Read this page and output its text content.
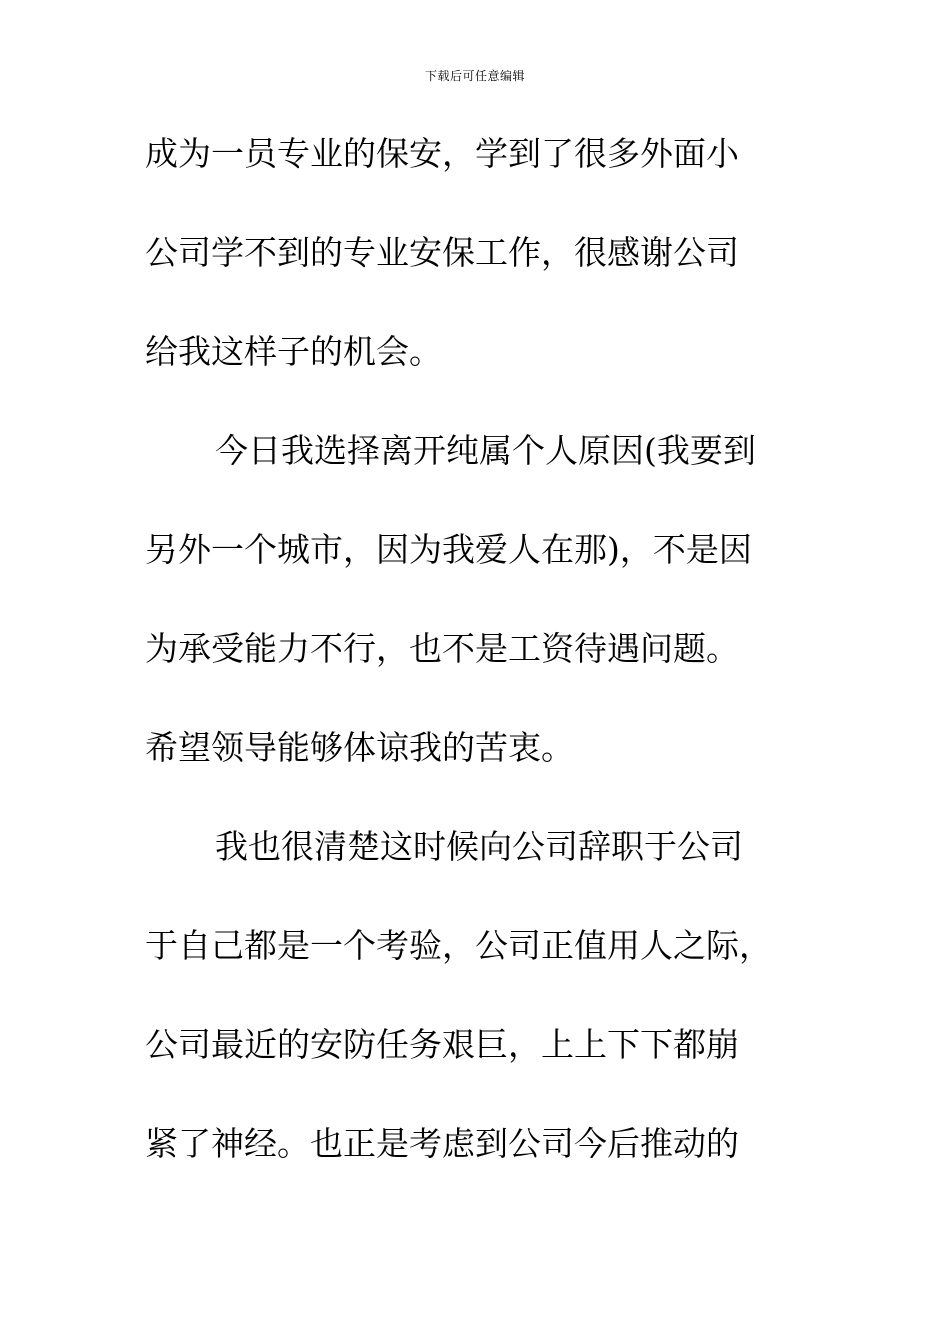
下载后可任意编辑
成为一员专业的保安，学到了很多外面小
公司学不到的专业安保工作，很感谢公司
给我这样子的机会。
今日我选择离开纯属个人原因(我要到
另外一个城市，因为我爱人在那)，不是因
为承受能力不行，也不是工资待遇问题。
希望领导能够体谅我的苦衷。
我也很清楚这时候向公司辞职于公司
于自己都是一个考验，公司正值用人之际，
公司最近的安防任务艰巨，上上下下都崩
紧了神经。也正是考虑到公司今后推动的
